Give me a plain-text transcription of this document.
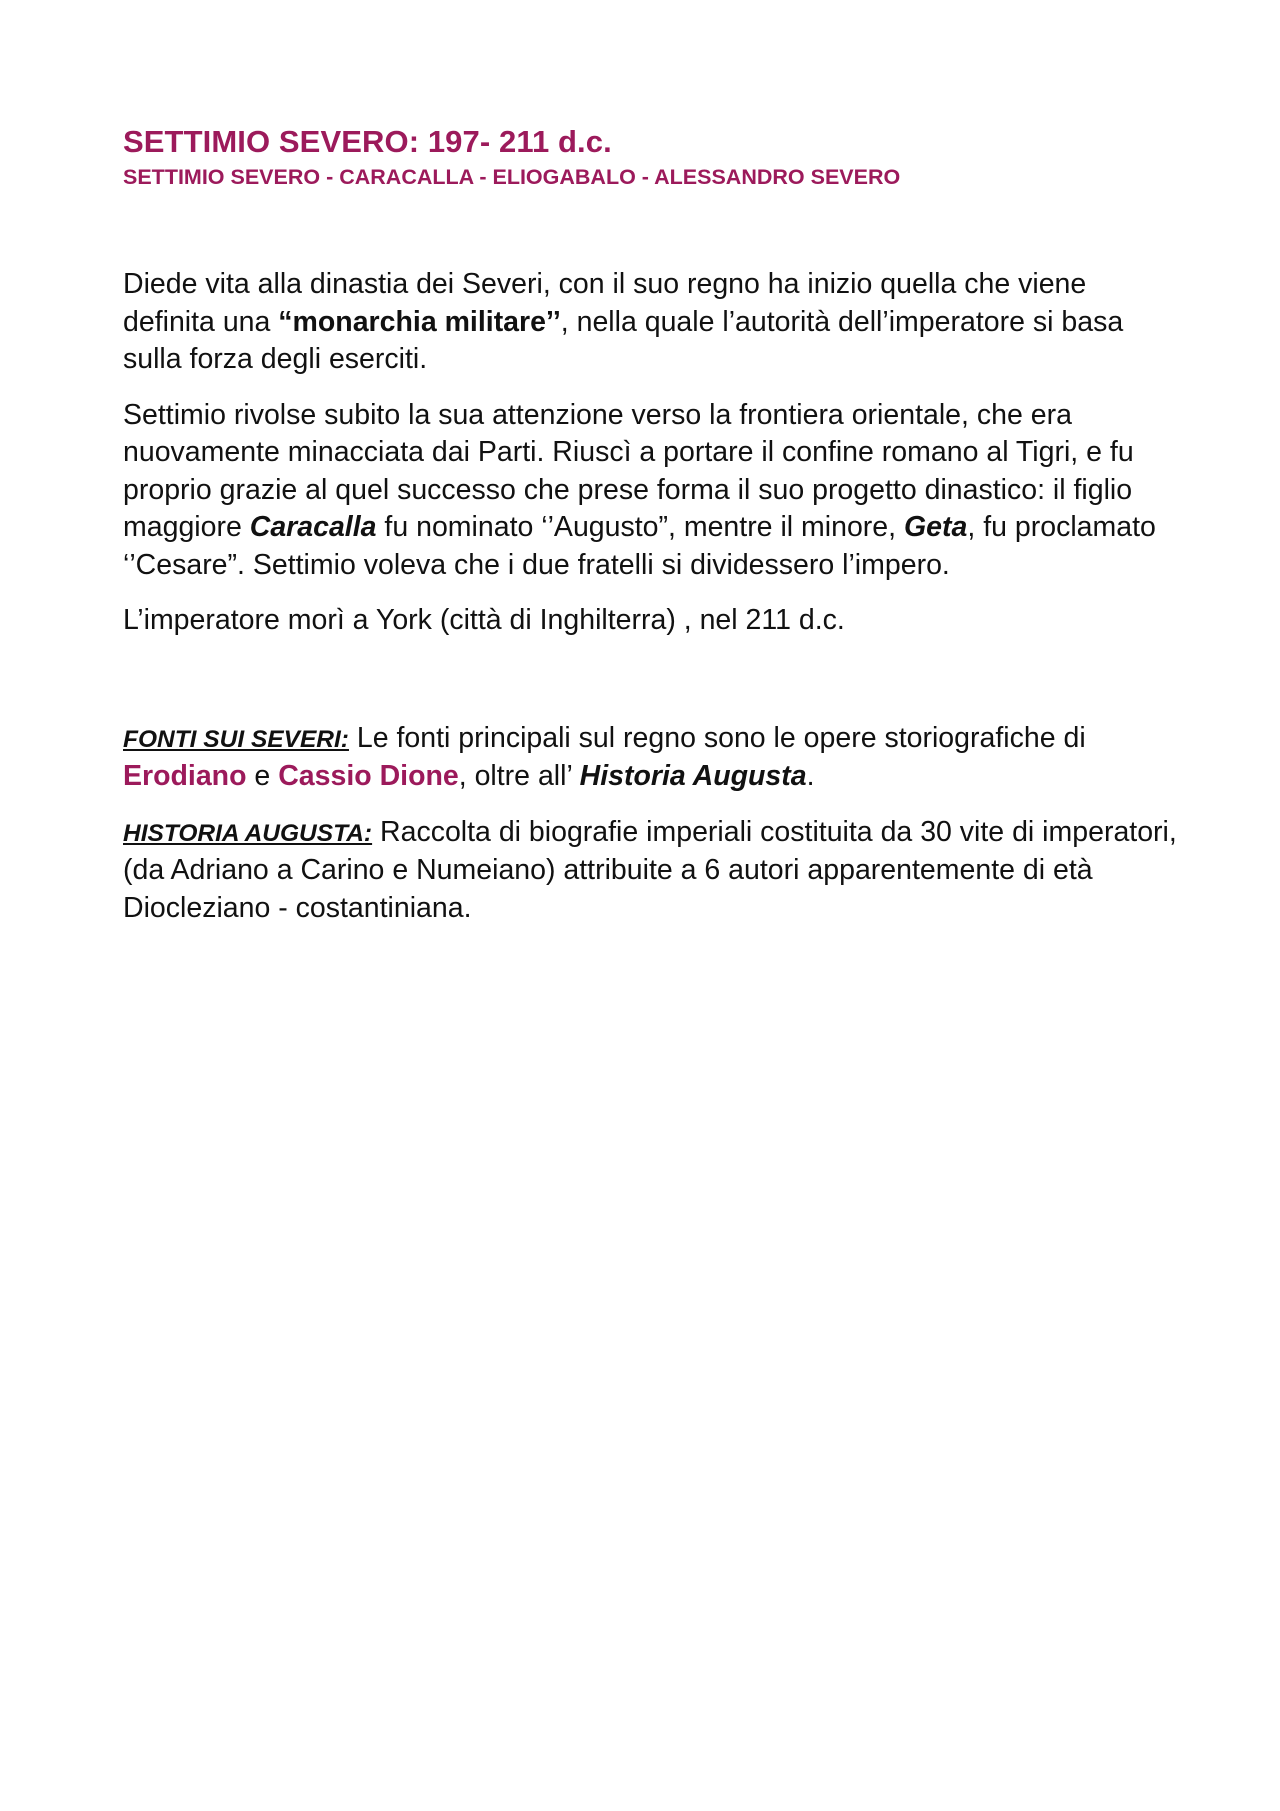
SETTIMIO SEVERO: 197- 211 d.c.
SETTIMIO SEVERO - CARACALLA - ELIOGABALO - ALESSANDRO SEVERO

Diede vita alla dinastia dei Severi, con il suo regno ha inizio quella che viene definita una “monarchia militare’’, nella quale l’autorità dell’imperatore si basa sulla forza degli eserciti.

Settimio rivolse subito la sua attenzione verso la frontiera orientale, che era nuovamente minacciata dai Parti. Riuscì a portare il confine romano al Tigri, e fu proprio grazie al quel successo che prese forma il suo progetto dinastico: il figlio maggiore Caracalla fu nominato ‘’Augusto”, mentre il minore, Geta, fu proclamato ‘’Cesare”. Settimio voleva che i due fratelli si dividessero l’impero.

L’imperatore morì a York (città di Inghilterra) , nel 211 d.c.

FONTI SUI SEVERI: Le fonti principali sul regno sono le opere storiografiche di Erodiano e Cassio Dione, oltre all’ Historia Augusta.

HISTORIA AUGUSTA: Raccolta di biografie imperiali costituita da 30 vite di imperatori, (da Adriano a Carino e Numeiano) attribuite a 6 autori apparentemente di età Diocleziano - costantiniana.
